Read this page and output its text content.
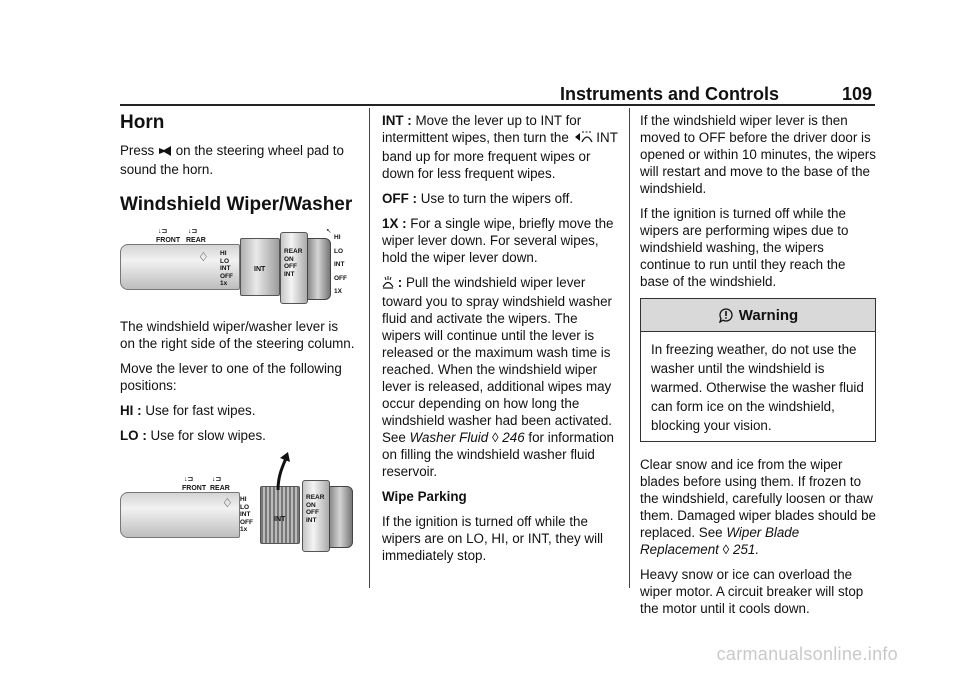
Instruments and Controls	109
Horn

Press on the steering wheel pad to sound the horn.

Windshield Wiper/Washer
↓⊐
FRONT
↓⊐
REAR
♢ HI
LO
INT
OFF
1x
INT
REAR
ON
OFF
INT
↖
HI
LO
INT
OFF
1X

The windshield wiper/washer lever is on the right side of the steering column.

Move the lever to one of the following positions:

HI : Use for fast wipes.

LO : Use for slow wipes.

↓⊐
FRONT
↓⊐
REAR
♢ HI
LO
INT
OFF
1x
INT
REAR
ON
OFF
INT

INT : Move the lever up to INT for intermittent wipes, then turn the INT band up for more frequent wipes or down for less frequent wipes.

OFF : Use to turn the wipers off.

1X : For a single wipe, briefly move the wiper lever down. For several wipes, hold the wiper lever down.

: Pull the windshield wiper lever toward you to spray windshield washer fluid and activate the wipers. The wipers will continue until the lever is released or the maximum wash time is reached. When the windshield wiper lever is released, additional wipes may occur depending on how long the windshield washer had been activated. See Washer Fluid ◊ 246 for information on filling the windshield washer fluid reservoir.

Wipe Parking

If the ignition is turned off while the wipers are on LO, HI, or INT, they will immediately stop.

If the windshield wiper lever is then moved to OFF before the driver door is opened or within 10 minutes, the wipers will restart and move to the base of the windshield.

If the ignition is turned off while the wipers are performing wipes due to windshield washing, the wipers continue to run until they reach the base of the windshield.

Warning
In freezing weather, do not use the washer until the windshield is warmed. Otherwise the washer fluid can form ice on the windshield, blocking your vision.

Clear snow and ice from the wiper blades before using them. If frozen to the windshield, carefully loosen or thaw them. Damaged wiper blades should be replaced. See Wiper Blade Replacement ◊ 251.

Heavy snow or ice can overload the wiper motor. A circuit breaker will stop the motor until it cools down.

carmanualsonline.info
